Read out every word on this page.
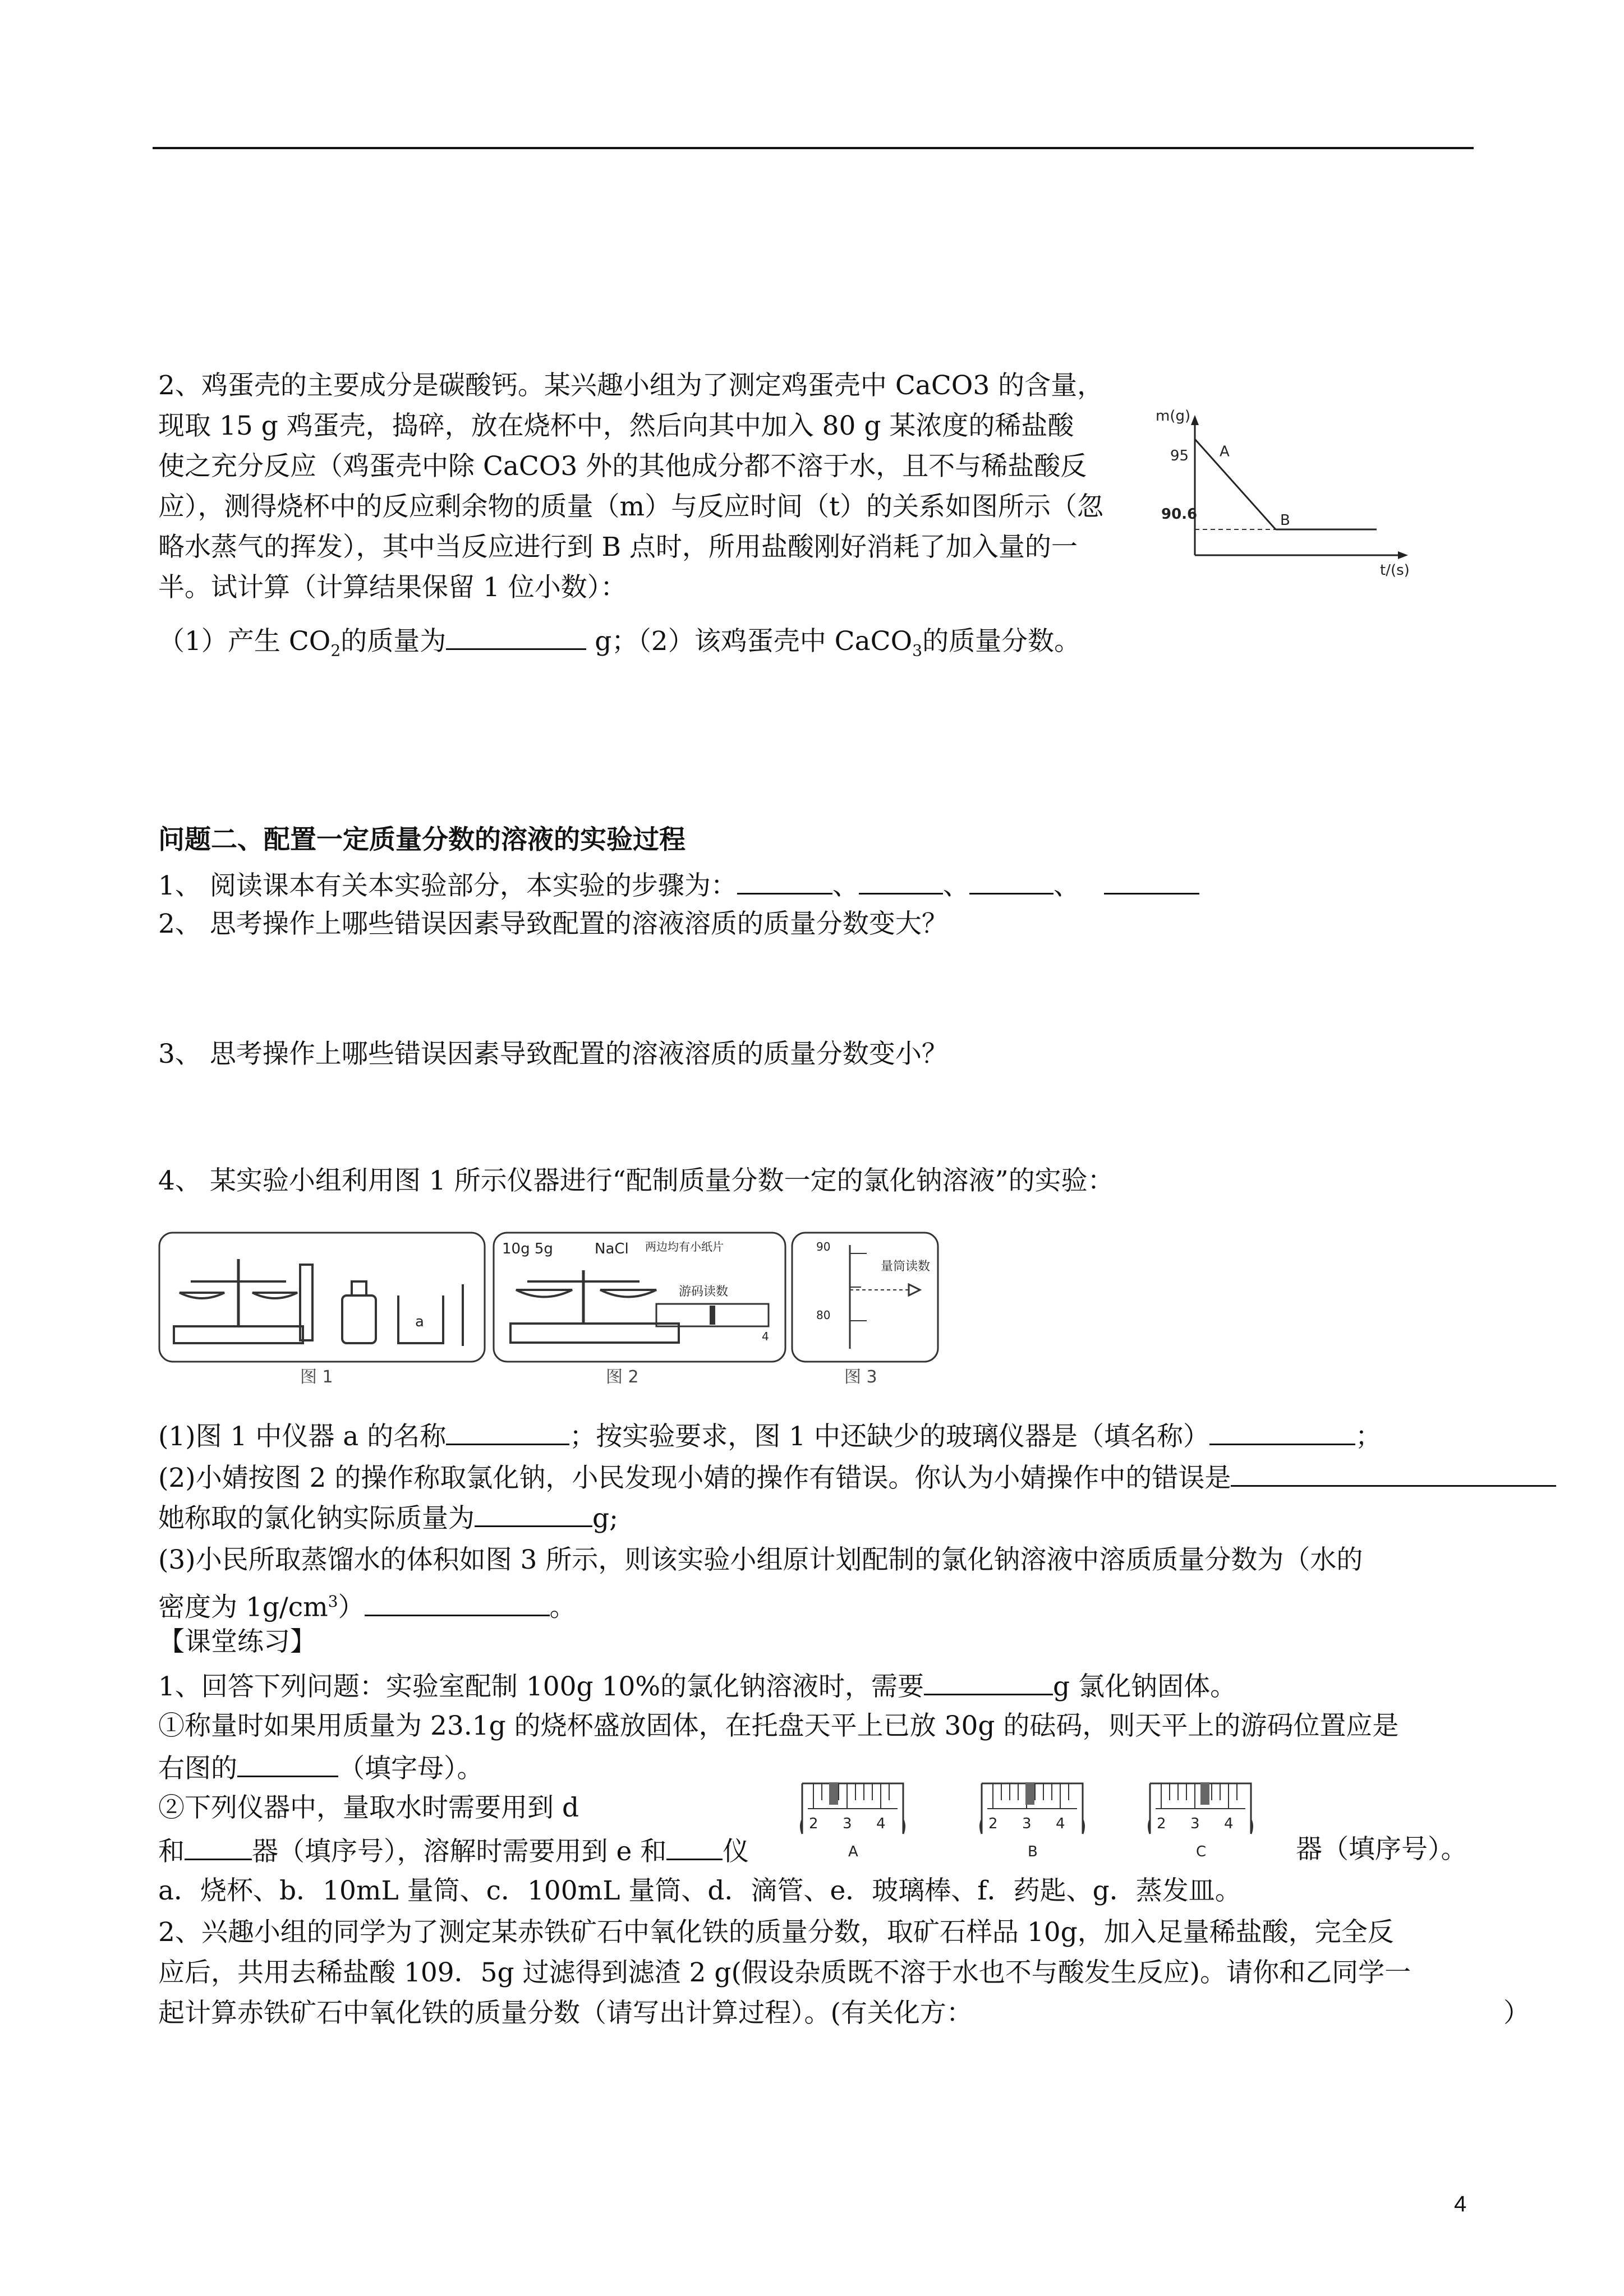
2、鸡蛋壳的主要成分是碳酸钙。某兴趣小组为了测定鸡蛋壳中 CaCO3 的含量，
现取 15 g 鸡蛋壳，捣碎，放在烧杯中，然后向其中加入 80 g 某浓度的稀盐酸
使之充分反应（鸡蛋壳中除 CaCO3 外的其他成分都不溶于水，且不与稀盐酸反
应），测得烧杯中的反应剩余物的质量（m）与反应时间（t）的关系如图所示（忽
略水蒸气的挥发），其中当反应进行到 B 点时，所用盐酸刚好消耗了加入量的一
半。试计算（计算结果保留 1 位小数）：
（1）产生 $CO_2$的质量为	g；（2）该鸡蛋壳中 CaCO$_3$的质量分数。
m(g)
t/(s)
95
90.6
A
B
问题二、配置一定质量分数的溶液的实验过程
1、 阅读课本有关本实验部分，本实验的步骤为：	、	、	、
2、 思考操作上哪些错误因素导致配置的溶液溶质的质量分数变大？
3、 思考操作上哪些错误因素导致配置的溶液溶质的质量分数变小？
4、 某实验小组利用图 1 所示仪器进行“配制质量分数一定的氯化钠溶液”的实验：
a
图 1
10g 5g	NaCl 两边均有小纸片
游码读数
4
图 2
90
80
量筒读数
图 3
(1)图 1 中仪器 a 的名称	；按实验要求，图 1 中还缺少的玻璃仪器是（填名称）	；
(2)小婧按图 2 的操作称取氯化钠，小民发现小婧的操作有错误。你认为小婧操作中的错误是
她称取的氯化钠实际质量为	g;
(3)小民所取蒸馏水的体积如图 3 所示，则该实验小组原计划配制的氯化钠溶液中溶质质量分数为（水的
密度为 $1g/cm^3$）	。
【课堂练习】
1、回答下列问题：实验室配制 100g 10%的氯化钠溶液时，需要	g 氯化钠固体。
①称量时如果用质量为 23.1g 的烧杯盛放固体，在托盘天平上已放 30g 的砝码，则天平上的游码位置应是
右图的	（填字母）。
②下列仪器中，量取水时需要用到 d
和	器（填序号），溶解时需要用到 e 和 仪	器（填序号）。
2 3 4
A
2 3 4
B
2 3 4
C
a．烧杯、b．10mL 量筒、c．100mL 量筒、d．滴管、e．玻璃棒、f．药匙、g．蒸发皿。
2、兴趣小组的同学为了测定某赤铁矿石中氧化铁的质量分数，取矿石样品 10g，加入足量稀盐酸，完全反
应后，共用去稀盐酸 109．5g 过滤得到滤渣 2 g(假设杂质既不溶于水也不与酸发生反应)。请你和乙同学一
起计算赤铁矿石中氧化铁的质量分数（请写出计算过程）。(有关化方：	）
4
